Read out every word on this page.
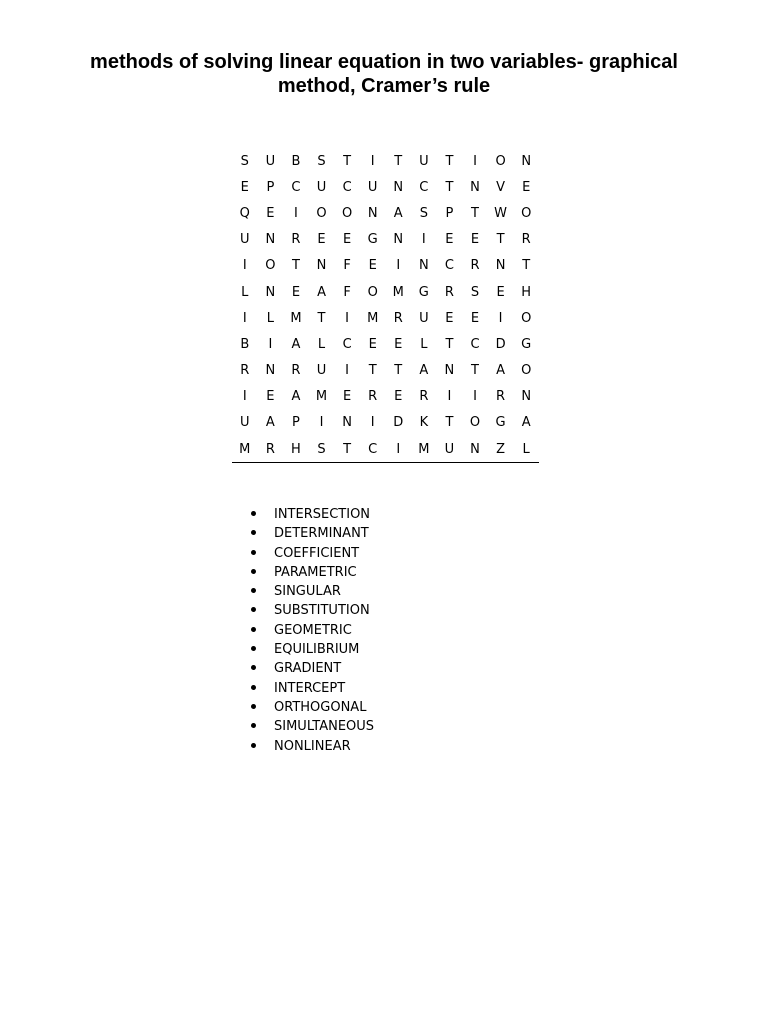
methods of solving linear equation in two variables- graphical method, Cramer’s rule
S	U	B	S	T	I	T	U	T	I	O	N
E	P	C	U	C	U	N	C	T	N	V	E
Q	E	I	O	O	N	A	S	P	T	W	O
U	N	R	E	E	G	N	I	E	E	T	R
I	O	T	N	F	E	I	N	C	R	N	T
L	N	E	A	F	O	M	G	R	S	E	H
I	L	M	T	I	M	R	U	E	E	I	O
B	I	A	L	C	E	E	L	T	C	D	G
R	N	R	U	I	T	T	A	N	T	A	O
I	E	A	M	E	R	E	R	I	I	R	N
U	A	P	I	N	I	D	K	T	O	G	A
M	R	H	S	T	C	I	M	U	N	Z	L
INTERSECTION
DETERMINANT
COEFFICIENT
PARAMETRIC
SINGULAR
SUBSTITUTION
GEOMETRIC
EQUILIBRIUM
GRADIENT
INTERCEPT
ORTHOGONAL
SIMULTANEOUS
NONLINEAR
